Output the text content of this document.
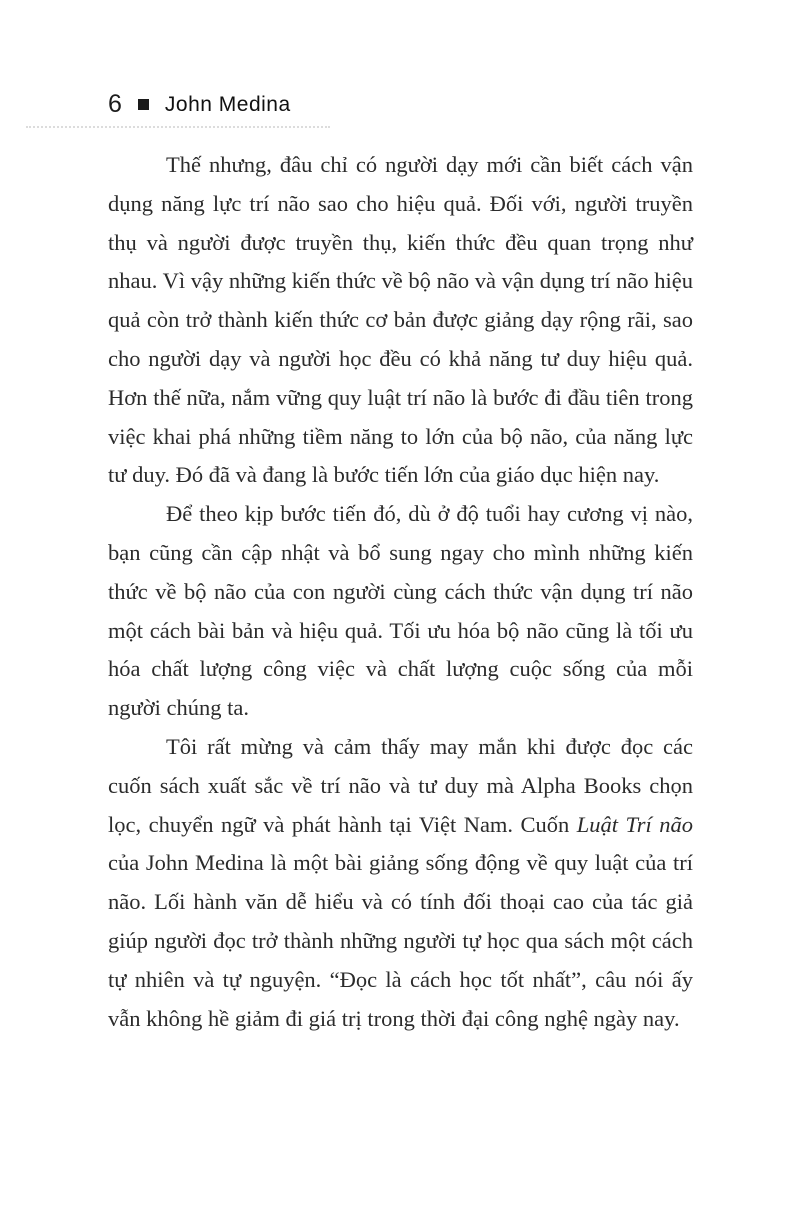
6 John Medina

Thế nhưng, đâu chỉ có người dạy mới cần biết cách vận dụng năng lực trí não sao cho hiệu quả. Đối với, người truyền thụ và người được truyền thụ, kiến thức đều quan trọng như nhau. Vì vậy những kiến thức về bộ não và vận dụng trí não hiệu quả còn trở thành kiến thức cơ bản được giảng dạy rộng rãi, sao cho người dạy và người học đều có khả năng tư duy hiệu quả. Hơn thế nữa, nắm vững quy luật trí não là bước đi đầu tiên trong việc khai phá những tiềm năng to lớn của bộ não, của năng lực tư duy. Đó đã và đang là bước tiến lớn của giáo dục hiện nay.

Để theo kịp bước tiến đó, dù ở độ tuổi hay cương vị nào, bạn cũng cần cập nhật và bổ sung ngay cho mình những kiến thức về bộ não của con người cùng cách thức vận dụng trí não một cách bài bản và hiệu quả. Tối ưu hóa bộ não cũng là tối ưu hóa chất lượng công việc và chất lượng cuộc sống của mỗi người chúng ta.

Tôi rất mừng và cảm thấy may mắn khi được đọc các cuốn sách xuất sắc về trí não và tư duy mà Alpha Books chọn lọc, chuyển ngữ và phát hành tại Việt Nam. Cuốn Luật Trí não của John Medina là một bài giảng sống động về quy luật của trí não. Lối hành văn dễ hiểu và có tính đối thoại cao của tác giả giúp người đọc trở thành những người tự học qua sách một cách tự nhiên và tự nguyện. “Đọc là cách học tốt nhất”, câu nói ấy vẫn không hề giảm đi giá trị trong thời đại công nghệ ngày nay.
